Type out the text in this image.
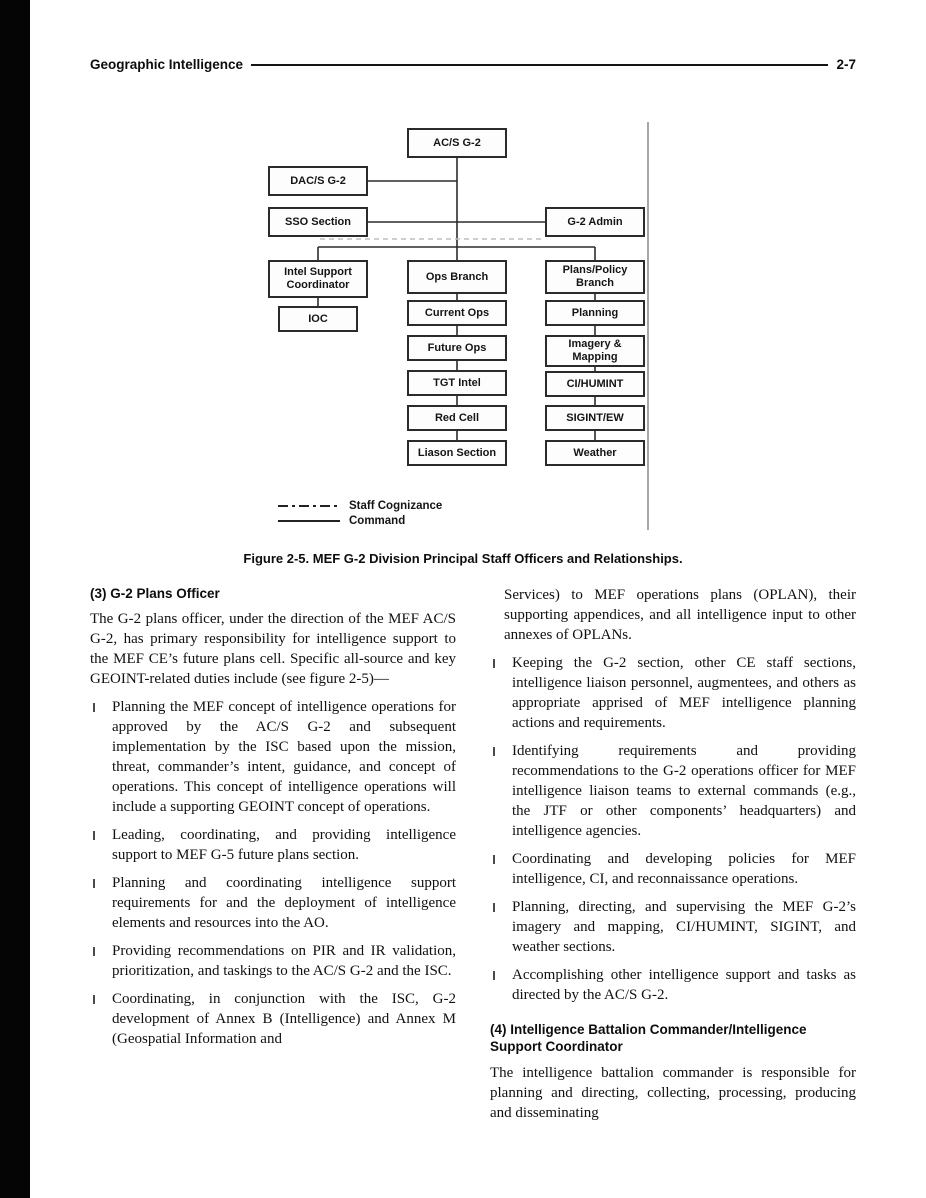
Geographic Intelligence	2-7
AC/S G-2
DAC/S G-2
SSO Section	G-2 Admin
Intel Support Coordinator
Ops Branch
Plans/Policy Branch
IOC	Current Ops	Planning
Future Ops	Imagery & Mapping
TGT Intel	CI/HUMINT
Red Cell	SIGINT/EW
Liason Section	Weather
Staff Cognizance
Command
Figure 2-5. MEF G-2 Division Principal Staff Officers and Relationships.
(3) G-2 Plans Officer

The G-2 plans officer, under the direction of the MEF AC/S G-2, has primary responsibility for intelligence support to the MEF CE’s future plans cell. Specific all-source and key GEOINT-related duties include (see figure 2-5)—

Planning the MEF concept of intelligence operations for approved by the AC/S G-2 and subsequent implementation by the ISC based upon the mission, threat, commander’s intent, guidance, and concept of operations. This concept of intelligence operations will include a supporting GEOINT concept of operations.
Leading, coordinating, and providing intelligence support to MEF G-5 future plans section.
Planning and coordinating intelligence support requirements for and the deployment of intelligence elements and resources into the AO.
Providing recommendations on PIR and IR validation, prioritization, and taskings to the AC/S G-2 and the ISC.
Coordinating, in conjunction with the ISC, G-2 development of Annex B (Intelligence) and Annex M (Geospatial Information and

Services) to MEF operations plans (OPLAN), their supporting appendices, and all intelligence input to other annexes of OPLANs.

Keeping the G-2 section, other CE staff sections, intelligence liaison personnel, augmentees, and others as appropriate apprised of MEF intelligence planning actions and requirements.
Identifying requirements and providing recommendations to the G-2 operations officer for MEF intelligence liaison teams to external commands (e.g., the JTF or other components’ headquarters) and intelligence agencies.
Coordinating and developing policies for MEF intelligence, CI, and reconnaissance operations.
Planning, directing, and supervising the MEF G-2’s imagery and mapping, CI/HUMINT, SIGINT, and weather sections.
Accomplishing other intelligence support and tasks as directed by the AC/S G-2.
(4) Intelligence Battalion Commander/Intelligence Support Coordinator

The intelligence battalion commander is responsible for planning and directing, collecting, processing, producing and disseminating
